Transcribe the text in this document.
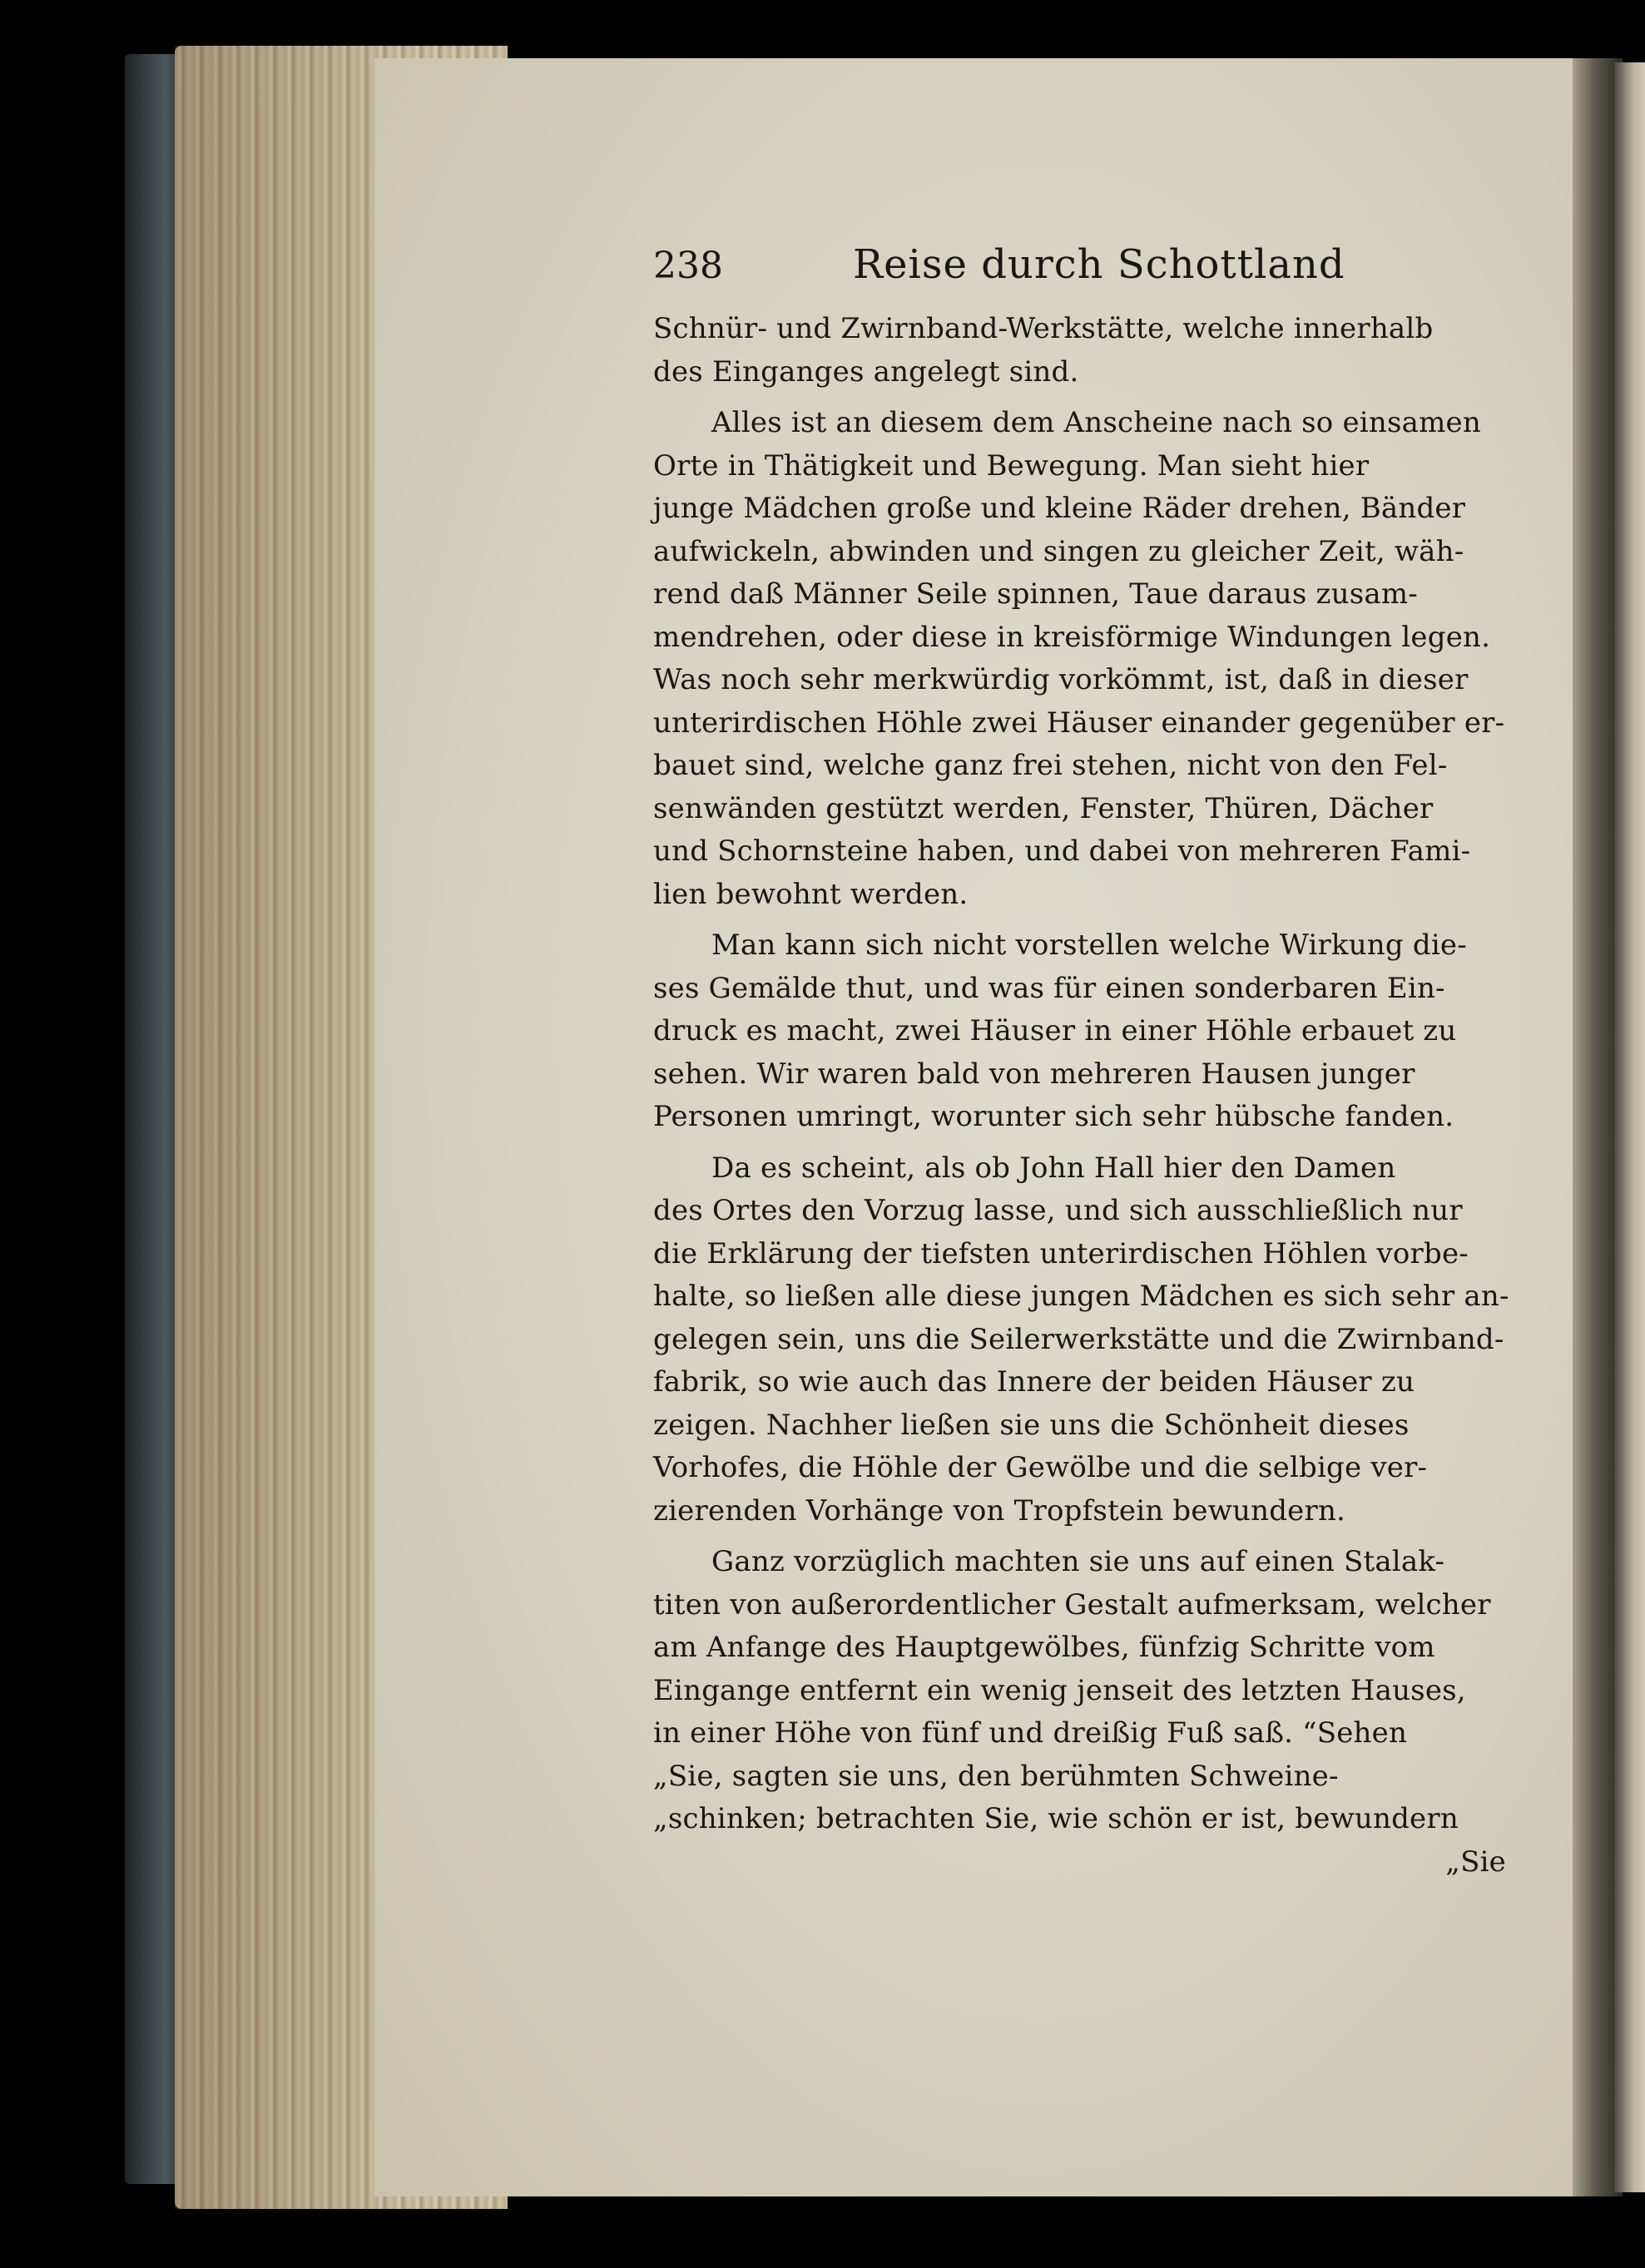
238	Reise durch Schottland
Schnür- und Zwirnband-Werkstätte, welche innerhalb
des Einganges angelegt sind.
Alles ist an diesem dem Anscheine nach so einsamen
Orte in Thätigkeit und Bewegung. Man sieht hier
junge Mädchen große und kleine Räder drehen, Bänder
aufwickeln, abwinden und singen zu gleicher Zeit, wäh-
rend daß Männer Seile spinnen, Taue daraus zusam-
mendrehen, oder diese in kreisförmige Windungen legen.
Was noch sehr merkwürdig vorkömmt, ist, daß in dieser
unterirdischen Höhle zwei Häuser einander gegenüber er-
bauet sind, welche ganz frei stehen, nicht von den Fel-
senwänden gestützt werden, Fenster, Thüren, Dächer
und Schornsteine haben, und dabei von mehreren Fami-
lien bewohnt werden.
Man kann sich nicht vorstellen welche Wirkung die-
ses Gemälde thut, und was für einen sonderbaren Ein-
druck es macht, zwei Häuser in einer Höhle erbauet zu
sehen. Wir waren bald von mehreren Hausen junger
Personen umringt, worunter sich sehr hübsche fanden.
Da es scheint, als ob John Hall hier den Damen
des Ortes den Vorzug lasse, und sich ausschließlich nur
die Erklärung der tiefsten unterirdischen Höhlen vorbe-
halte, so ließen alle diese jungen Mädchen es sich sehr an-
gelegen sein, uns die Seilerwerkstätte und die Zwirnband-
fabrik, so wie auch das Innere der beiden Häuser zu
zeigen. Nachher ließen sie uns die Schönheit dieses
Vorhofes, die Höhle der Gewölbe und die selbige ver-
zierenden Vorhänge von Tropfstein bewundern.
Ganz vorzüglich machten sie uns auf einen Stalak-
titen von außerordentlicher Gestalt aufmerksam, welcher
am Anfange des Hauptgewölbes, fünfzig Schritte vom
Eingange entfernt ein wenig jenseit des letzten Hauses,
in einer Höhe von fünf und dreißig Fuß saß. “Sehen
„Sie, sagten sie uns, den berühmten Schweine-
„schinken; betrachten Sie, wie schön er ist, bewundern
„Sie
